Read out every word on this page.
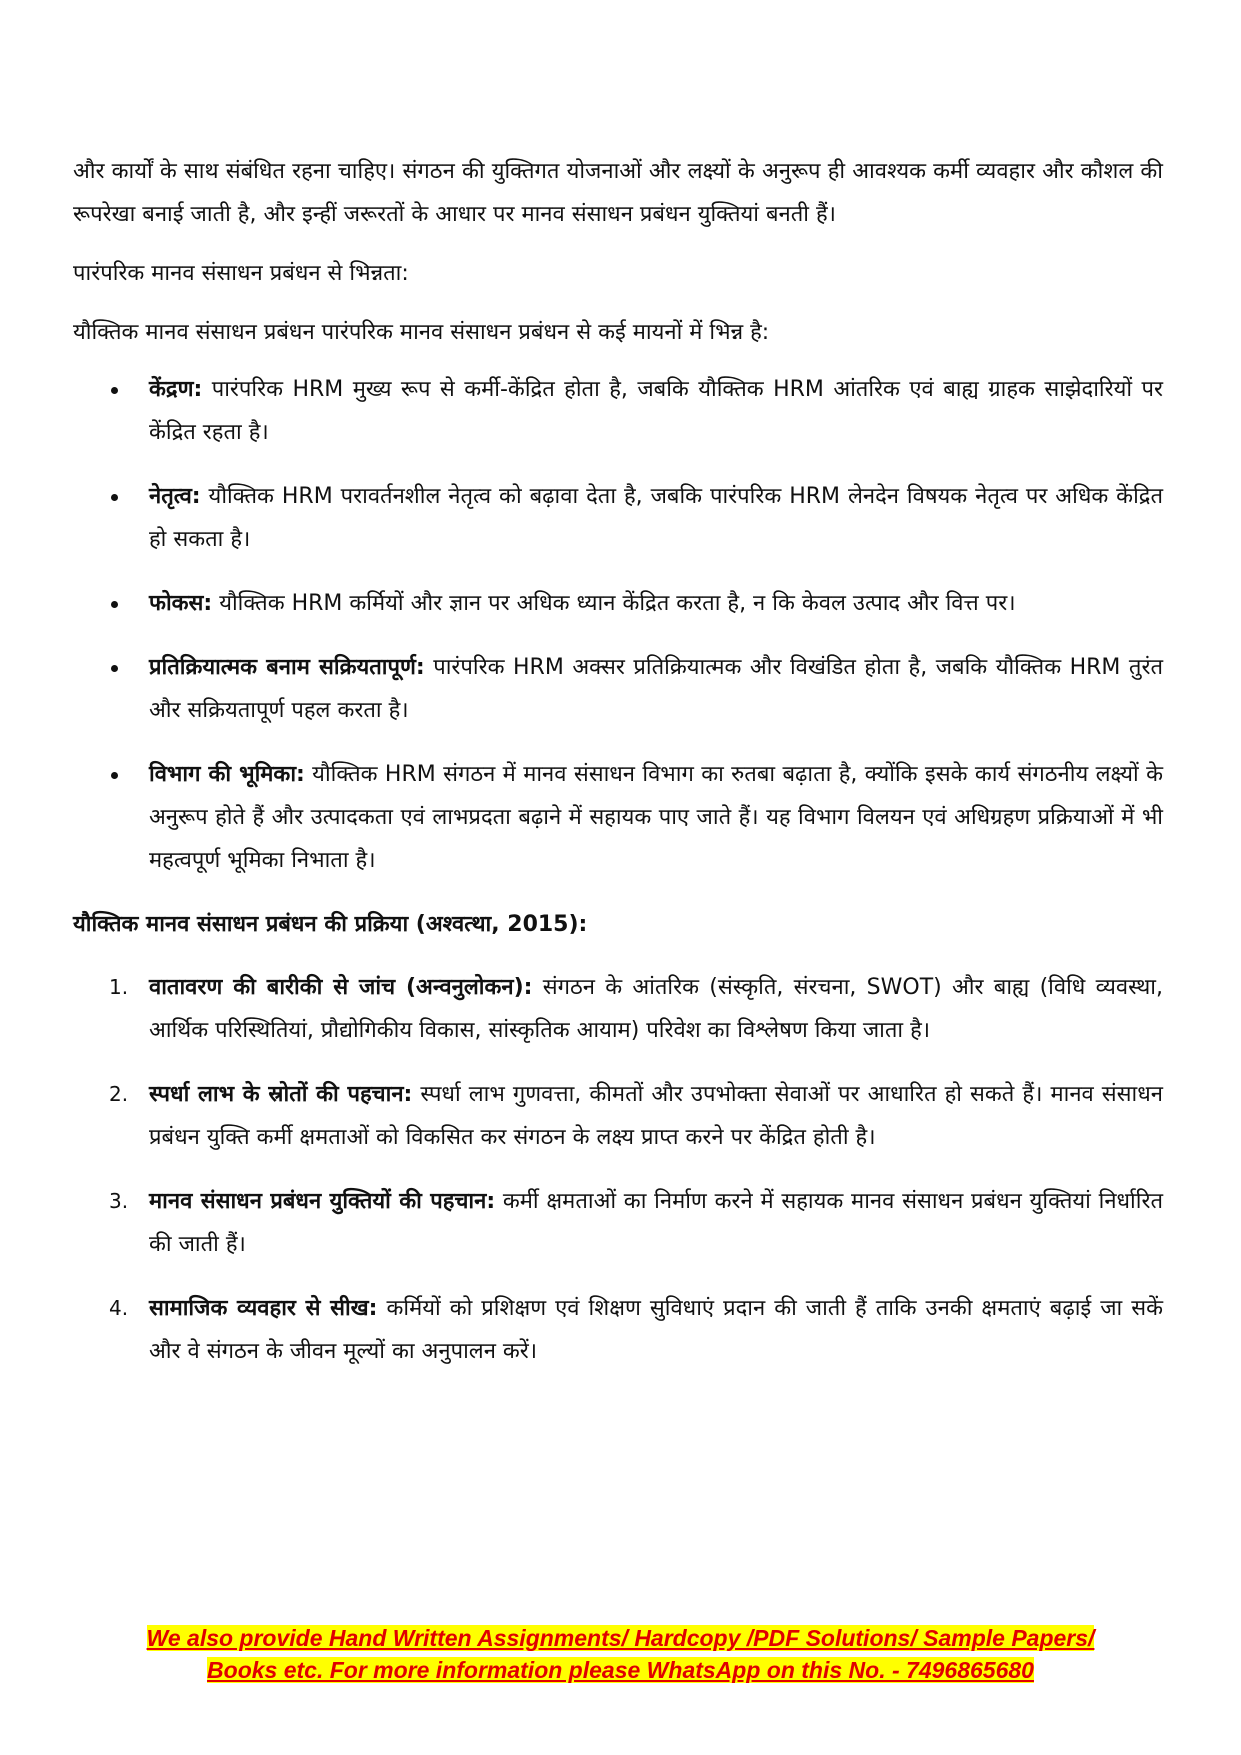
और कार्यों के साथ संबंधित रहना चाहिए। संगठन की युक्तिगत योजनाओं और लक्ष्यों के अनुरूप ही आवश्यक कर्मी व्यवहार और कौशल की रूपरेखा बनाई जाती है, और इन्हीं जरूरतों के आधार पर मानव संसाधन प्रबंधन युक्तियां बनती हैं।

पारंपरिक मानव संसाधन प्रबंधन से भिन्नता:

यौक्तिक मानव संसाधन प्रबंधन पारंपरिक मानव संसाधन प्रबंधन से कई मायनों में भिन्न है:

केंद्रण: पारंपरिक HRM मुख्य रूप से कर्मी-केंद्रित होता है, जबकि यौक्तिक HRM आंतरिक एवं बाह्य ग्राहक साझेदारियों पर केंद्रित रहता है।
नेतृत्व: यौक्तिक HRM परावर्तनशील नेतृत्व को बढ़ावा देता है, जबकि पारंपरिक HRM लेनदेन विषयक नेतृत्व पर अधिक केंद्रित हो सकता है।
फोकस: यौक्तिक HRM कर्मियों और ज्ञान पर अधिक ध्यान केंद्रित करता है, न कि केवल उत्पाद और वित्त पर।
प्रतिक्रियात्मक बनाम सक्रियतापूर्ण: पारंपरिक HRM अक्सर प्रतिक्रियात्मक और विखंडित होता है, जबकि यौक्तिक HRM तुरंत और सक्रियतापूर्ण पहल करता है।
विभाग की भूमिका: यौक्तिक HRM संगठन में मानव संसाधन विभाग का रुतबा बढ़ाता है, क्योंकि इसके कार्य संगठनीय लक्ष्यों के अनुरूप होते हैं और उत्पादकता एवं लाभप्रदता बढ़ाने में सहायक पाए जाते हैं। यह विभाग विलयन एवं अधिग्रहण प्रक्रियाओं में भी महत्वपूर्ण भूमिका निभाता है।

यौक्तिक मानव संसाधन प्रबंधन की प्रक्रिया (अश्वत्था, 2015):

1. वातावरण की बारीकी से जांच (अन्वनुलोकन): संगठन के आंतरिक (संस्कृति, संरचना, SWOT) और बाह्य (विधि व्यवस्था, आर्थिक परिस्थितियां, प्रौद्योगिकीय विकास, सांस्कृतिक आयाम) परिवेश का विश्लेषण किया जाता है।
2. स्पर्धा लाभ के स्रोतों की पहचान: स्पर्धा लाभ गुणवत्ता, कीमतों और उपभोक्ता सेवाओं पर आधारित हो सकते हैं। मानव संसाधन प्रबंधन युक्ति कर्मी क्षमताओं को विकसित कर संगठन के लक्ष्य प्राप्त करने पर केंद्रित होती है।
3. मानव संसाधन प्रबंधन युक्तियों की पहचान: कर्मी क्षमताओं का निर्माण करने में सहायक मानव संसाधन प्रबंधन युक्तियां निर्धारित की जाती हैं।
4. सामाजिक व्यवहार से सीख: कर्मियों को प्रशिक्षण एवं शिक्षण सुविधाएं प्रदान की जाती हैं ताकि उनकी क्षमताएं बढ़ाई जा सकें और वे संगठन के जीवन मूल्यों का अनुपालन करें।
We also provide Hand Written Assignments/ Hardcopy /PDF Solutions/ Sample Papers/
Books etc. For more information please WhatsApp on this No. - 7496865680
